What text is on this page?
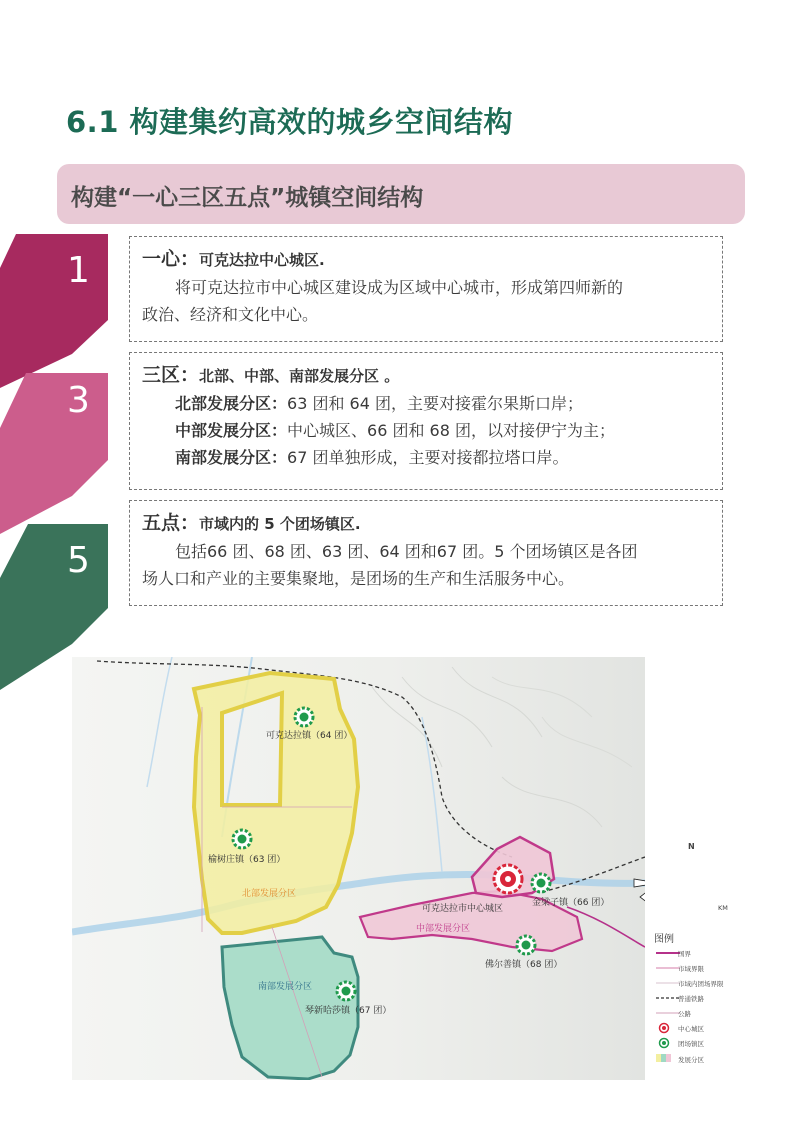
6.1 构建集约高效的城乡空间结构
构建“一心三区五点”城镇空间结构
1
3
5

一心：可克达拉中心城区.

将可克达拉市中心城区建设成为区域中心城市，形成第四师新的

政治、经济和文化中心。

三区：北部、中部、南部发展分区 。

北部发展分区：63 团和 64 团，主要对接霍尔果斯口岸；

中部发展分区：中心城区、66 团和 68 团，以对接伊宁为主；

南部发展分区：67 团单独形成，主要对接都拉塔口岸。

五点：市域内的 5 个团场镇区.

包括66 团、68 团、63 团、64 团和67 团。5 个团场镇区是各团

场人口和产业的主要集聚地，是团场的生产和生活服务中心。

可克达拉镇（64 团）
榆树庄镇（63 团）
琴新哈莎镇（67 团）
金梁子镇（66 团）
佛尔善镇（68 团）
可克达拉市中心城区
北部发展分区
中部发展分区
南部发展分区
N
KM
图例
国界
市域界限
市域内团场界限
普通铁路
公路
中心城区
团场镇区
发展分区
